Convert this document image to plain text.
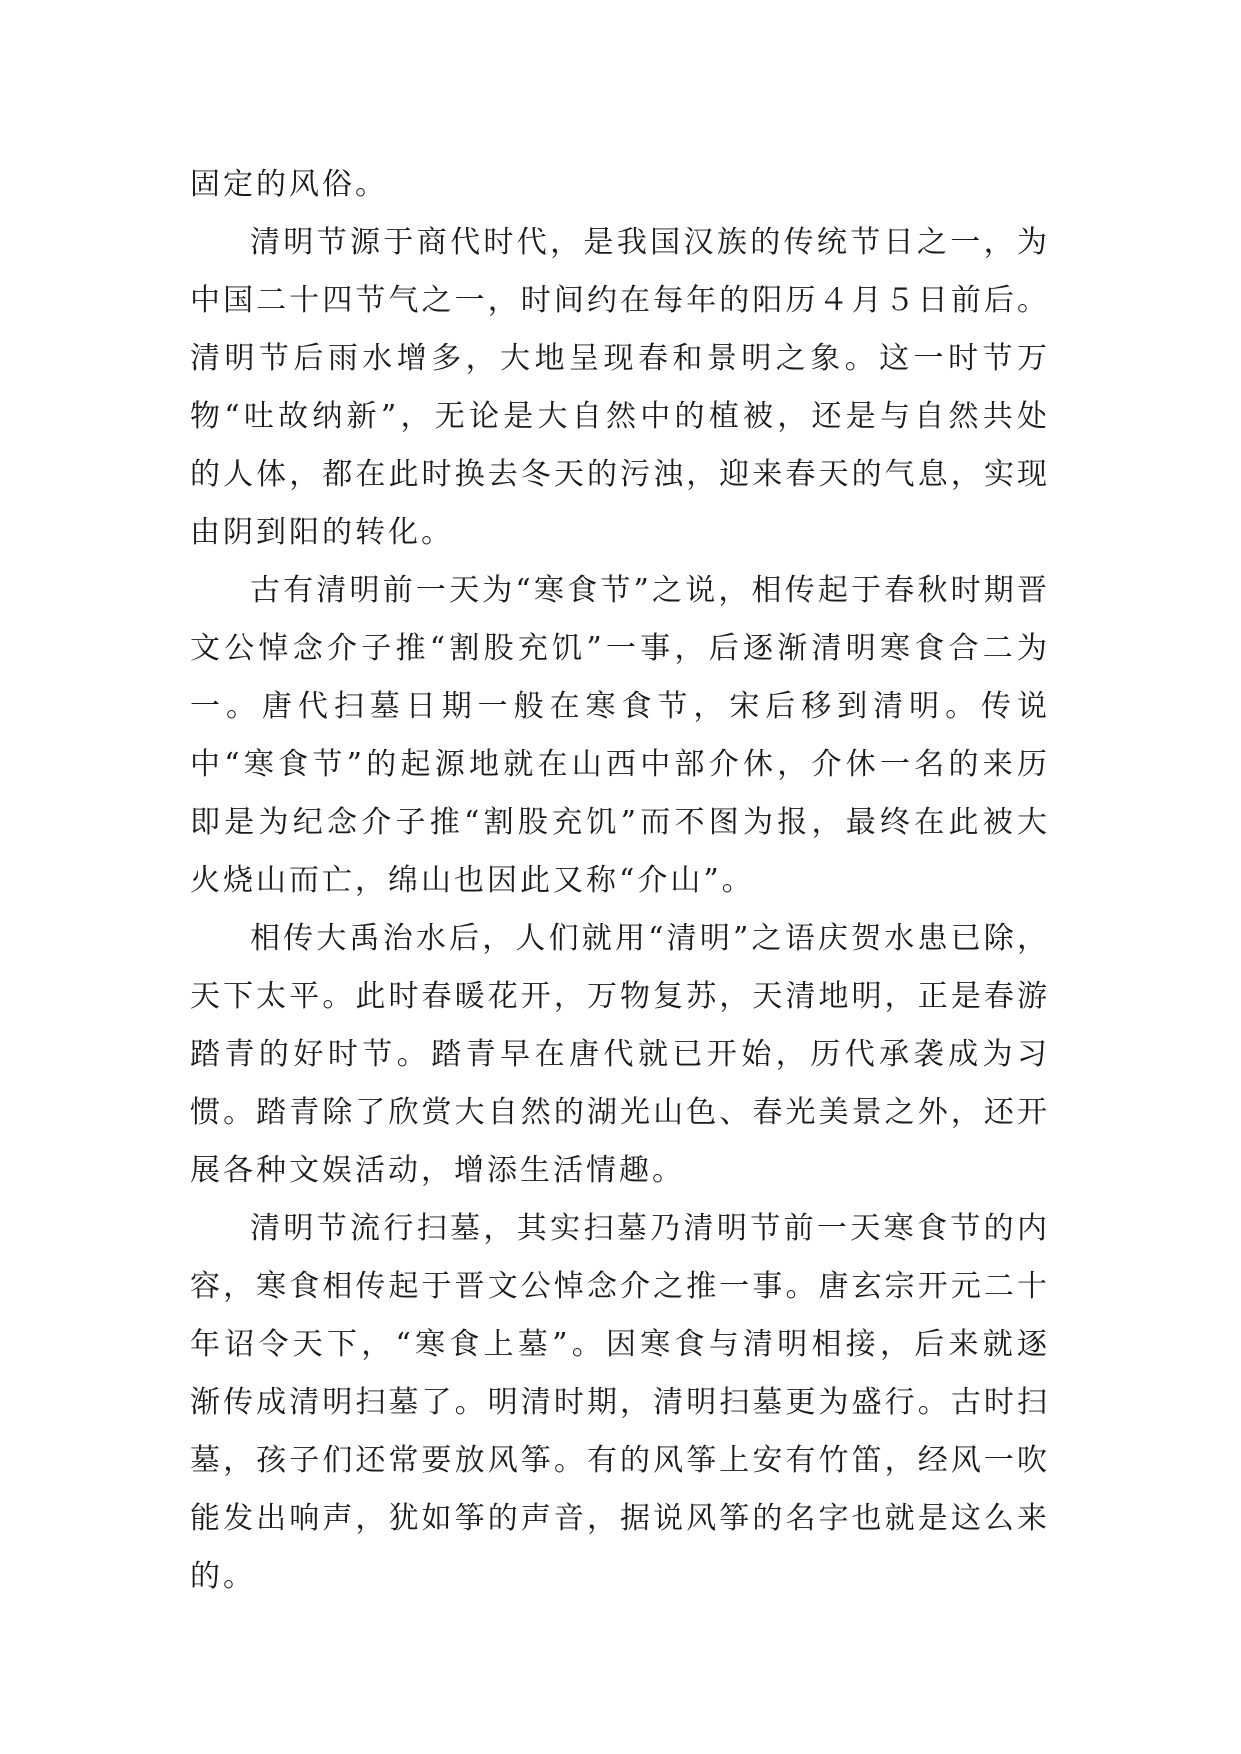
固定的风俗。

清明节源于商代时代，是我国汉族的传统节日之一，为中国二十四节气之一，时间约在每年的阳历４月５日前后。清明节后雨水增多，大地呈现春和景明之象。这一时节万物“吐故纳新”，无论是大自然中的植被，还是与自然共处的人体，都在此时换去冬天的污浊，迎来春天的气息，实现由阴到阳的转化。

古有清明前一天为“寒食节”之说，相传起于春秋时期晋文公悼念介子推“割股充饥”一事，后逐渐清明寒食合二为一。唐代扫墓日期一般在寒食节，宋后移到清明。传说中“寒食节”的起源地就在山西中部介休，介休一名的来历即是为纪念介子推“割股充饥”而不图为报，最终在此被大火烧山而亡，绵山也因此又称“介山”。

相传大禹治水后，人们就用“清明”之语庆贺水患已除，天下太平。此时春暖花开，万物复苏，天清地明，正是春游踏青的好时节。踏青早在唐代就已开始，历代承袭成为习惯。踏青除了欣赏大自然的湖光山色、春光美景之外，还开展各种文娱活动，增添生活情趣。

清明节流行扫墓，其实扫墓乃清明节前一天寒食节的内容，寒食相传起于晋文公悼念介之推一事。唐玄宗开元二十年诏令天下，“寒食上墓”。因寒食与清明相接，后来就逐渐传成清明扫墓了。明清时期，清明扫墓更为盛行。古时扫墓，孩子们还常要放风筝。有的风筝上安有竹笛，经风一吹能发出响声，犹如筝的声音，据说风筝的名字也就是这么来的。
